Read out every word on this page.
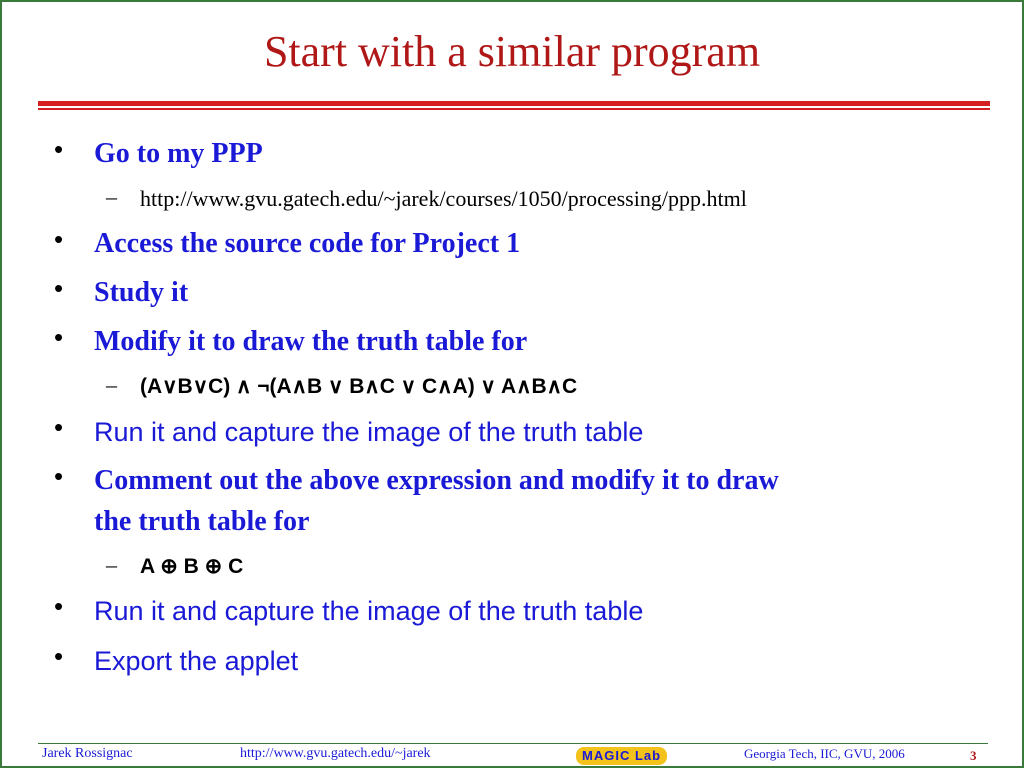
Start with a similar program
• Go to my PPP
– http://www.gvu.gatech.edu/~jarek/courses/1050/processing/ppp.html
• Access the source code for Project 1
• Study it
• Modify it to draw the truth table for
– (A∨B∨C) ∧ ¬(A∧B ∨ B∧C ∨ C∧A) ∨ A∧B∧C
• Run it and capture the image of the truth table
• Comment out the above expression and modify it to draw
the truth table for
– A ⊕ B ⊕ C
• Run it and capture the image of the truth table
• Export the applet
Jarek Rossignac	http://www.gvu.gatech.edu/~jarek	MAGIC Lab	Georgia Tech, IIC, GVU, 2006	3
